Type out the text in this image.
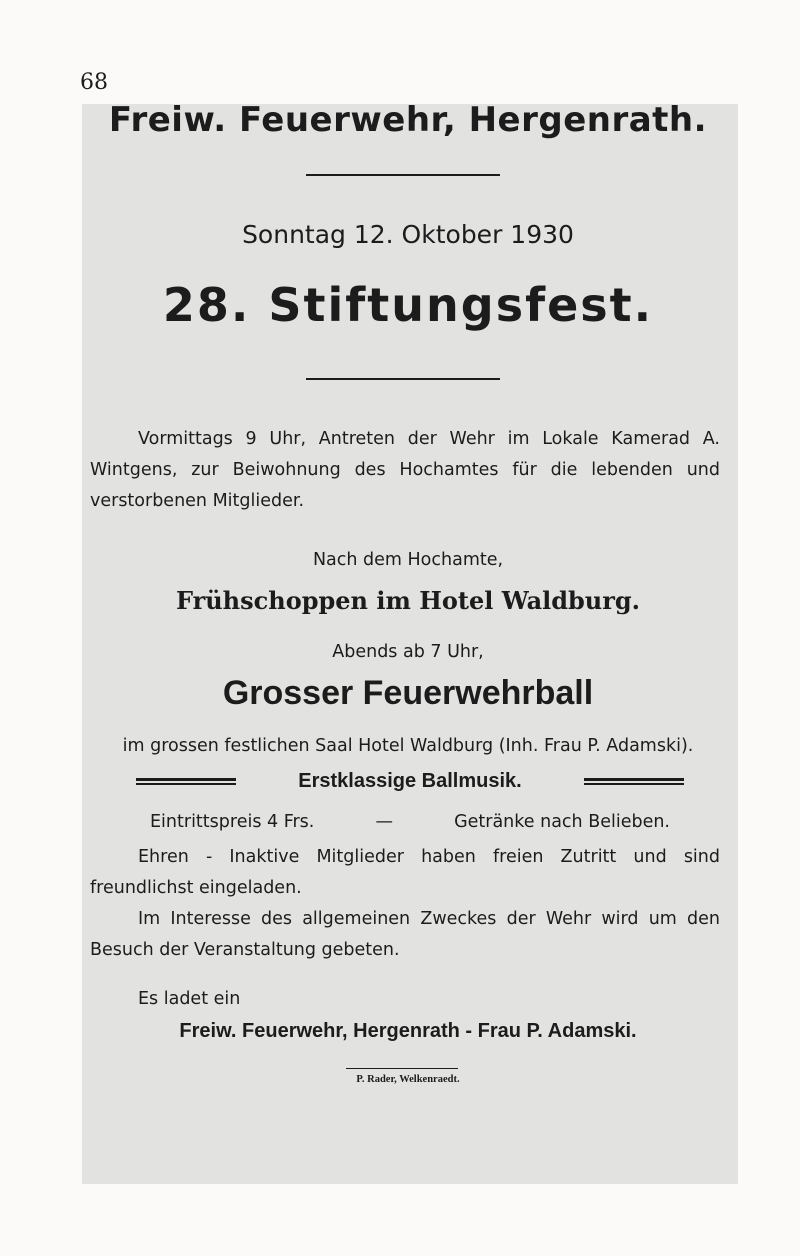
68
Freiw. Feuerwehr, Hergenrath.
Sonntag 12. Oktober 1930
28. Stiftungsfest.
Vormittags 9 Uhr, Antreten der Wehr im Lokale Kamerad A. Wintgens, zur Beiwohnung des Hochamtes für die lebenden und verstorbenen Mitglieder.
Nach dem Hochamte,
Frühschoppen im Hotel Waldburg.
Abends ab 7 Uhr,
Grosser Feuerwehrball
im grossen festlichen Saal Hotel Waldburg (Inh. Frau P. Adamski).
Erstklassige Ballmusik.
Eintrittspreis 4 Frs.	—	Getränke nach Belieben.
Ehren - Inaktive Mitglieder haben freien Zutritt und sind freundlichst eingeladen.
Im Interesse des allgemeinen Zweckes der Wehr wird um den Besuch der Veranstaltung gebeten.
Es ladet ein
Freiw. Feuerwehr, Hergenrath - Frau P. Adamski.
P. Rader, Welkenraedt.
